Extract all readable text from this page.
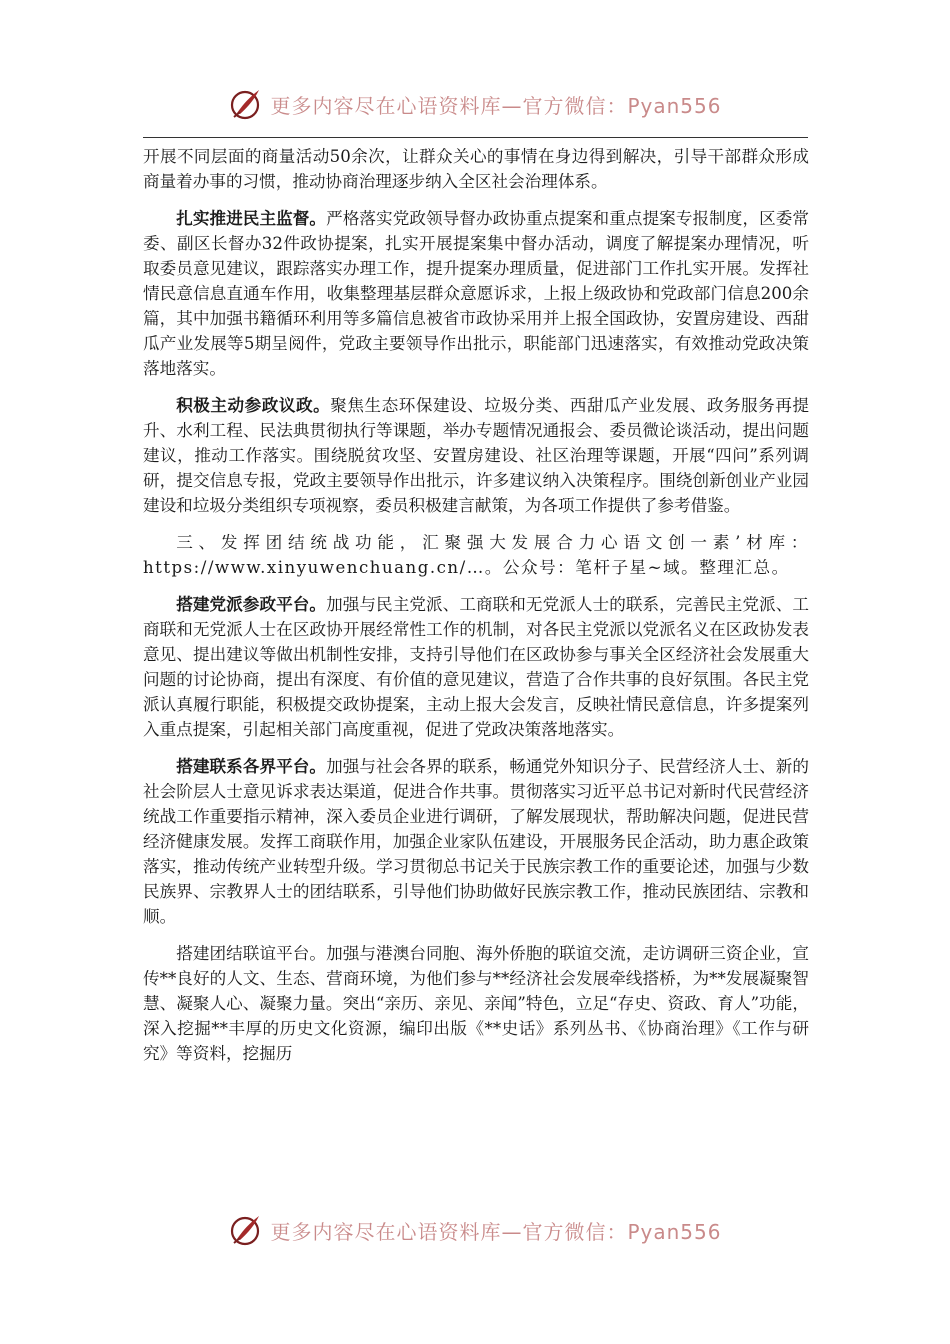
更多内容尽在心语资料库—官方微信：Pyan556

开展不同层面的商量活动50余次，让群众关心的事情在身边得到解决，引导干部群众形成商量着办事的习惯，推动协商治理逐步纳入全区社会治理体系。

扎实推进民主监督。严格落实党政领导督办政协重点提案和重点提案专报制度，区委常委、副区长督办32件政协提案，扎实开展提案集中督办活动，调度了解提案办理情况，听取委员意见建议，跟踪落实办理工作，提升提案办理质量，促进部门工作扎实开展。发挥社情民意信息直通车作用，收集整理基层群众意愿诉求，上报上级政协和党政部门信息200余篇，其中加强书籍循环利用等多篇信息被省市政协采用并上报全国政协，安置房建设、西甜瓜产业发展等5期呈阅件，党政主要领导作出批示，职能部门迅速落实，有效推动党政决策落地落实。

积极主动参政议政。聚焦生态环保建设、垃圾分类、西甜瓜产业发展、政务服务再提升、水利工程、民法典贯彻执行等课题，举办专题情况通报会、委员微论谈活动，提出问题建议，推动工作落实。围绕脱贫攻坚、安置房建设、社区治理等课题，开展“四问”系列调研，提交信息专报，党政主要领导作出批示，许多建议纳入决策程序。围绕创新创业产业园建设和垃圾分类组织专项视察，委员积极建言献策，为各项工作提供了参考借鉴。

三、发挥团结统战功能，汇聚强大发展合力心语文创一素’材库：https://www.xinyuwenchuang.cn/…。公众号：笔杆子星~域。整理汇总。

搭建党派参政平台。加强与民主党派、工商联和无党派人士的联系，完善民主党派、工商联和无党派人士在区政协开展经常性工作的机制，对各民主党派以党派名义在区政协发表意见、提出建议等做出机制性安排，支持引导他们在区政协参与事关全区经济社会发展重大问题的讨论协商，提出有深度、有价值的意见建议，营造了合作共事的良好氛围。各民主党派认真履行职能，积极提交政协提案，主动上报大会发言，反映社情民意信息，许多提案列入重点提案，引起相关部门高度重视，促进了党政决策落地落实。

搭建联系各界平台。加强与社会各界的联系，畅通党外知识分子、民营经济人士、新的社会阶层人士意见诉求表达渠道，促进合作共事。贯彻落实习近平总书记对新时代民营经济统战工作重要指示精神，深入委员企业进行调研，了解发展现状，帮助解决问题，促进民营经济健康发展。发挥工商联作用，加强企业家队伍建设，开展服务民企活动，助力惠企政策落实，推动传统产业转型升级。学习贯彻总书记关于民族宗教工作的重要论述，加强与少数民族界、宗教界人士的团结联系，引导他们协助做好民族宗教工作，推动民族团结、宗教和顺。

搭建团结联谊平台。加强与港澳台同胞、海外侨胞的联谊交流，走访调研三资企业，宣传**良好的人文、生态、营商环境，为他们参与**经济社会发展牵线搭桥，为**发展凝聚智慧、凝聚人心、凝聚力量。突出“亲历、亲见、亲闻”特色，立足“存史、资政、育人”功能，深入挖掘**丰厚的历史文化资源，编印出版《**史话》系列丛书、《协商治理》《工作与研究》等资料，挖掘历

更多内容尽在心语资料库—官方微信：Pyan556
